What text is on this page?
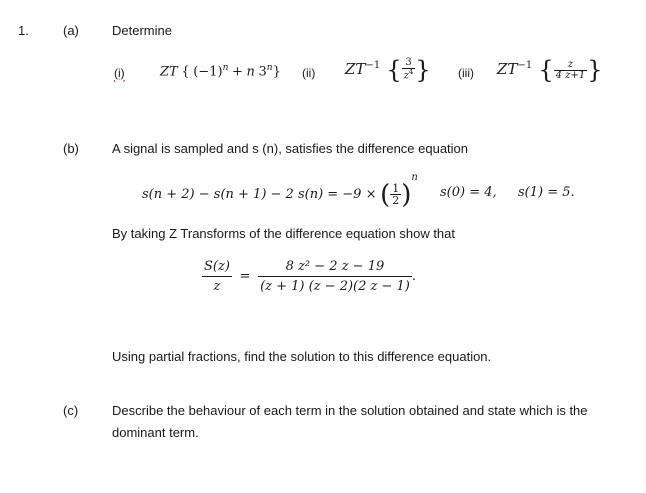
1.	(a)	Determine
(i)	ZT { $(-1)^n + n$ 3$^n$} (ii) $ZT^{-1}$ { $\frac{3}{z^4}$ } (iii) $ZT^{-1}$ { $\frac{z}{4 z+1}$ }
(b)	A signal is sampled and s (n), satisfies the difference equation
s(n + 2) − s(n + 1) − 2 s(n) = −9 × ( $\frac{1}{2} )^n$
s(0) = 4, s(1) = 5.
By taking Z Transforms of the difference equation show that
$\frac{S(z)}{z} = \frac{\text{8 z² − 2 z − 19}}{(z + 1) (z - 2)(2 z - 1)}$ .
Using partial fractions, find the solution to this difference equation.
(c)	Describe the behaviour of each term in the solution obtained and state which is the
dominant term.
